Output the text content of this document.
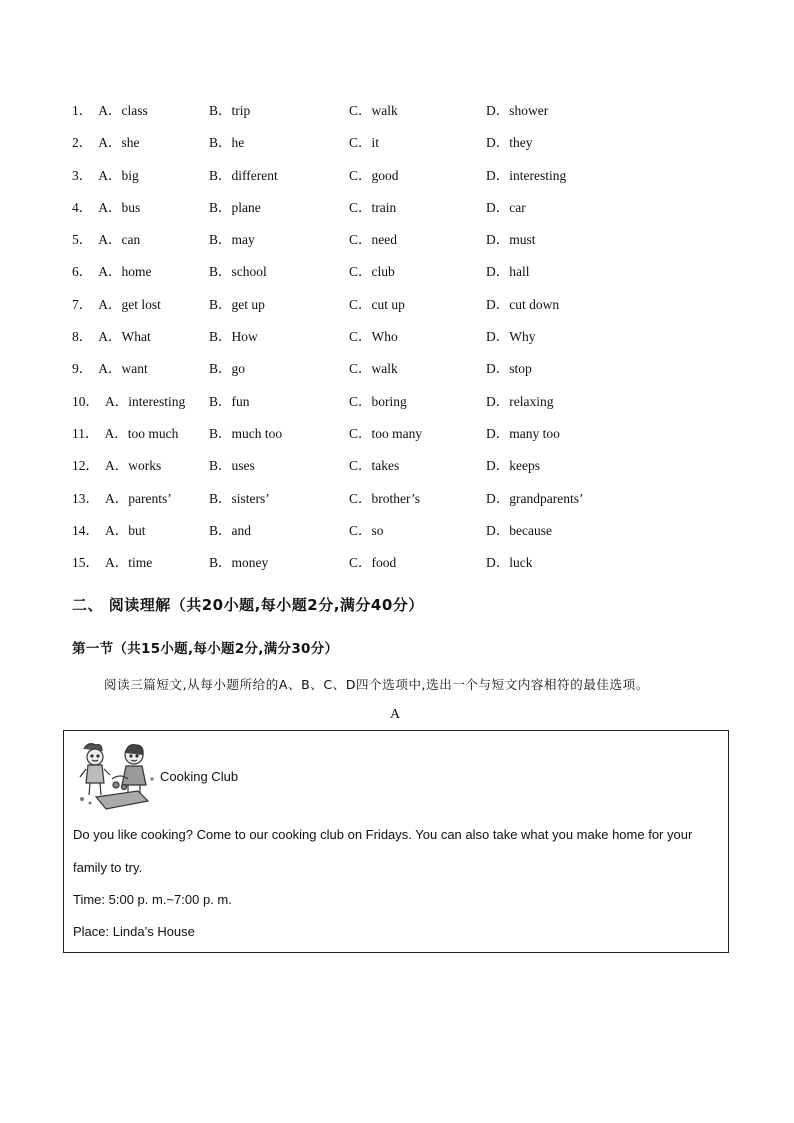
1． A．class	B．trip	C．walk	D．shower
2． A．she	B．he	C．it	D．they
3． A．big	B．different	C．good	D．interesting
4． A．bus	B．plane	C．train	D．car
5． A．can	B．may	C．need	D．must
6． A．home	B．school	C．club	D．hall
7． A．get lost	B．get up	C．cut up	D．cut down
8． A．What	B．How	C．Who	D．Why
9． A．want	B．go	C．walk	D．stop
10． A．interesting B．fun	C．boring	D．relaxing
11． A．too much B．much too	C．too many	D．many too
12． A．works	B．uses	C．takes	D．keeps
13． A．parents’	B．sisters’	C．brother’s	D．grandparents’
14． A．but	B．and	C．so	D．because
15． A．time	B．money	C．food	D．luck
二、 阅读理解（共20小题,每小题2分,满分40分）
第一节（共15小题,每小题2分,满分30分）
阅读三篇短文,从每小题所给的A、B、C、D四个选项中,选出一个与短文内容相符的最佳选项。
A
Cooking Club
Do you like cooking? Come to our cooking club on Fridays. You can also take what you make home for your
family to try.
Time: 5:00 p. m.~7:00 p. m.
Place: Linda’s House
